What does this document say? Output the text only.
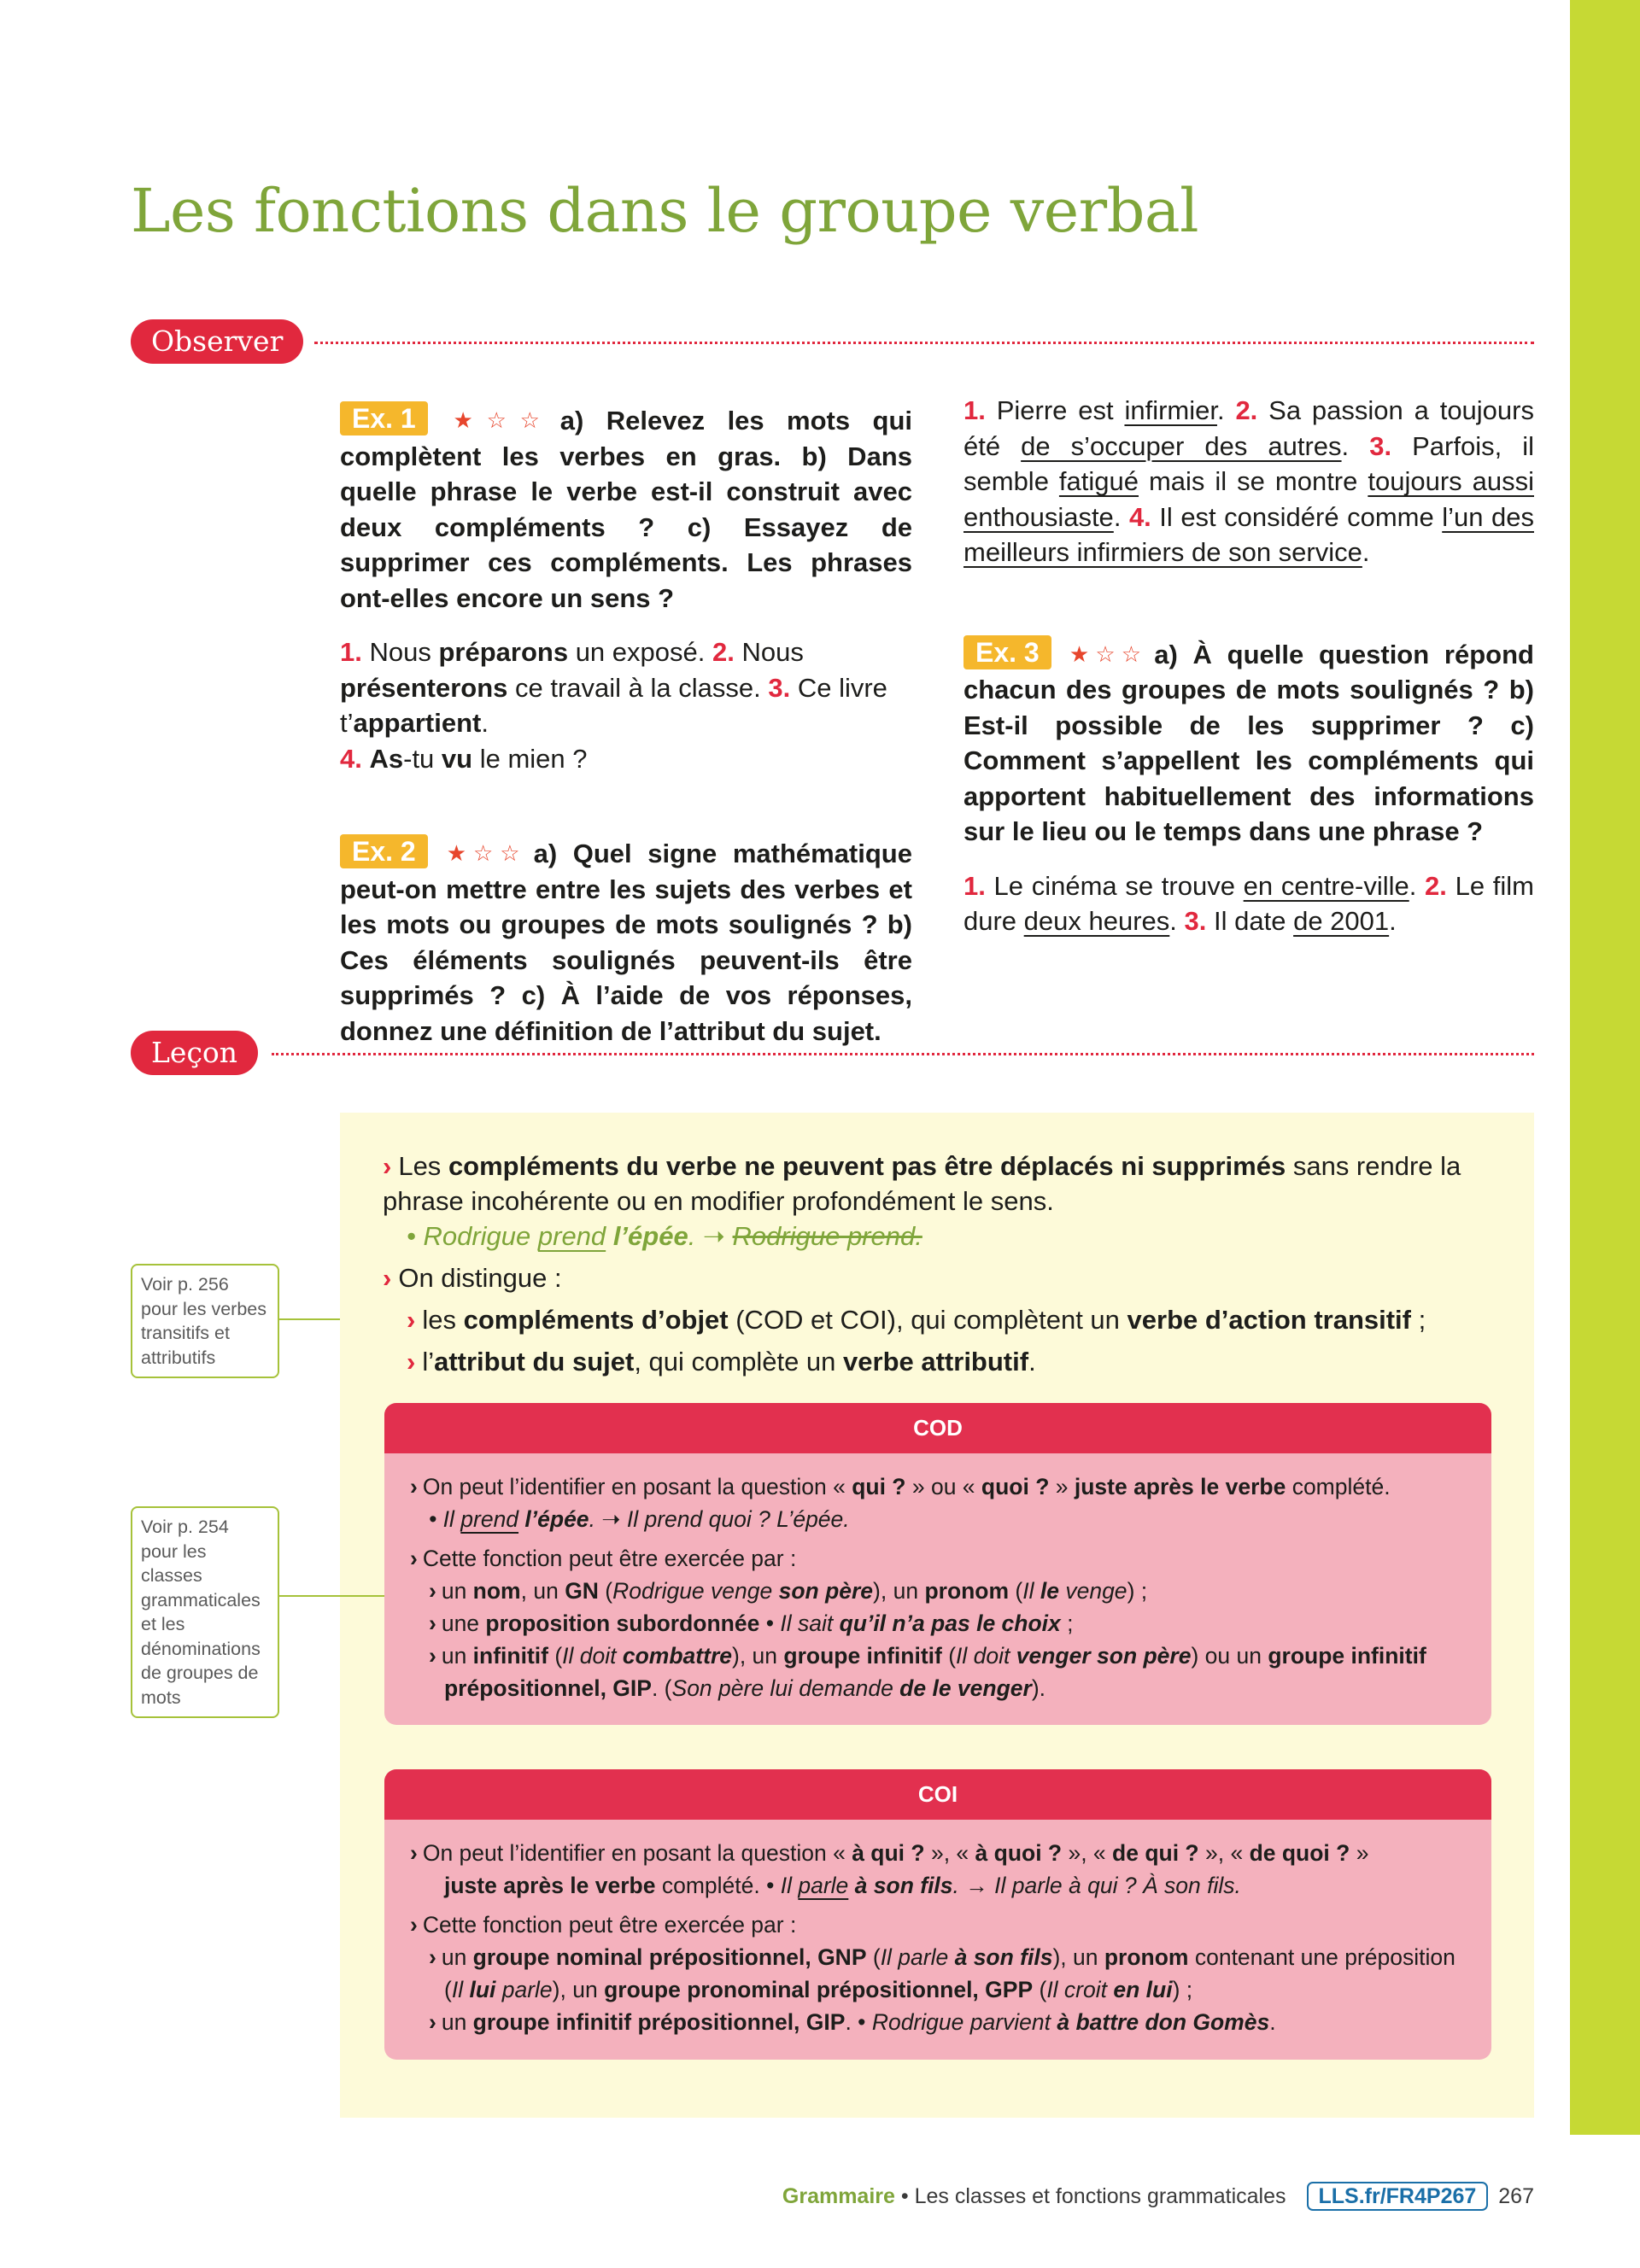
Les fonctions dans le groupe verbal
Observer

Ex. 1 ★☆☆ a) Relevez les mots qui complètent les verbes en gras. b) Dans quelle phrase le verbe est-il construit avec deux compléments ? c) Essayez de supprimer ces compléments. Les phrases ont-elles encore un sens ?

1. Nous préparons un exposé. 2. Nous présenterons ce travail à la classe. 3. Ce livre t’appartient.
4. As-tu vu le mien ?

Ex. 2 ★☆☆ a) Quel signe mathématique peut-on mettre entre les sujets des verbes et les mots ou groupes de mots soulignés ? b) Ces éléments soulignés peuvent-ils être supprimés ? c) À l’aide de vos réponses, donnez une définition de l’attribut du sujet.

1. Pierre est infirmier. 2. Sa passion a toujours été de s’occuper des autres. 3. Parfois, il semble fatigué mais il se montre toujours aussi enthousiaste. 4. Il est considéré comme l’un des meilleurs infirmiers de son service.

Ex. 3 ★☆☆ a) À quelle question répond chacun des groupes de mots soulignés ? b) Est-il possible de les supprimer ? c) Comment s’appellent les compléments qui apportent habituellement des informations sur le lieu ou le temps dans une phrase ?

1. Le cinéma se trouve en centre-ville. 2. Le film dure deux heures. 3. Il date de 2001.

Leçon

› Les compléments du verbe ne peuvent pas être déplacés ni supprimés sans rendre la phrase incohérente ou en modifier profondément le sens.

• Rodrigue prend l’épée. ➝ Rodrigue prend.

› On distingue :

› les compléments d’objet (COD et COI), qui complètent un verbe d’action transitif ;

› l’attribut du sujet, qui complète un verbe attributif.

Voir p. 256 pour les verbes transitifs et attributifs
Voir p. 254 pour les classes grammaticales et les dénominations de groupes de mots
COD

› On peut l’identifier en posant la question « qui ? » ou « quoi ? » juste après le verbe complété.

• Il prend l’épée. ➝ Il prend quoi ? L’épée.

› Cette fonction peut être exercée par :

› un nom, un GN (Rodrigue venge son père), un pronom (Il le venge) ;

› une proposition subordonnée • Il sait qu’il n’a pas le choix ;

› un infinitif (Il doit combattre), un groupe infinitif (Il doit venger son père) ou un groupe infinitif

prépositionnel, GIP. (Son père lui demande de le venger).

COI

› On peut l’identifier en posant la question « à qui ? », « à quoi ? », « de qui ? », « de quoi ? »

juste après le verbe complété. • Il parle à son fils. → Il parle à qui ? À son fils.

› Cette fonction peut être exercée par :

› un groupe nominal prépositionnel, GNP (Il parle à son fils), un pronom contenant une préposition

(Il lui parle), un groupe pronominal prépositionnel, GPP (Il croit en lui) ;

› un groupe infinitif prépositionnel, GIP. • Rodrigue parvient à battre don Gomès.

Grammaire • Les classes et fonctions grammaticales LLS.fr/FR4P267 267
